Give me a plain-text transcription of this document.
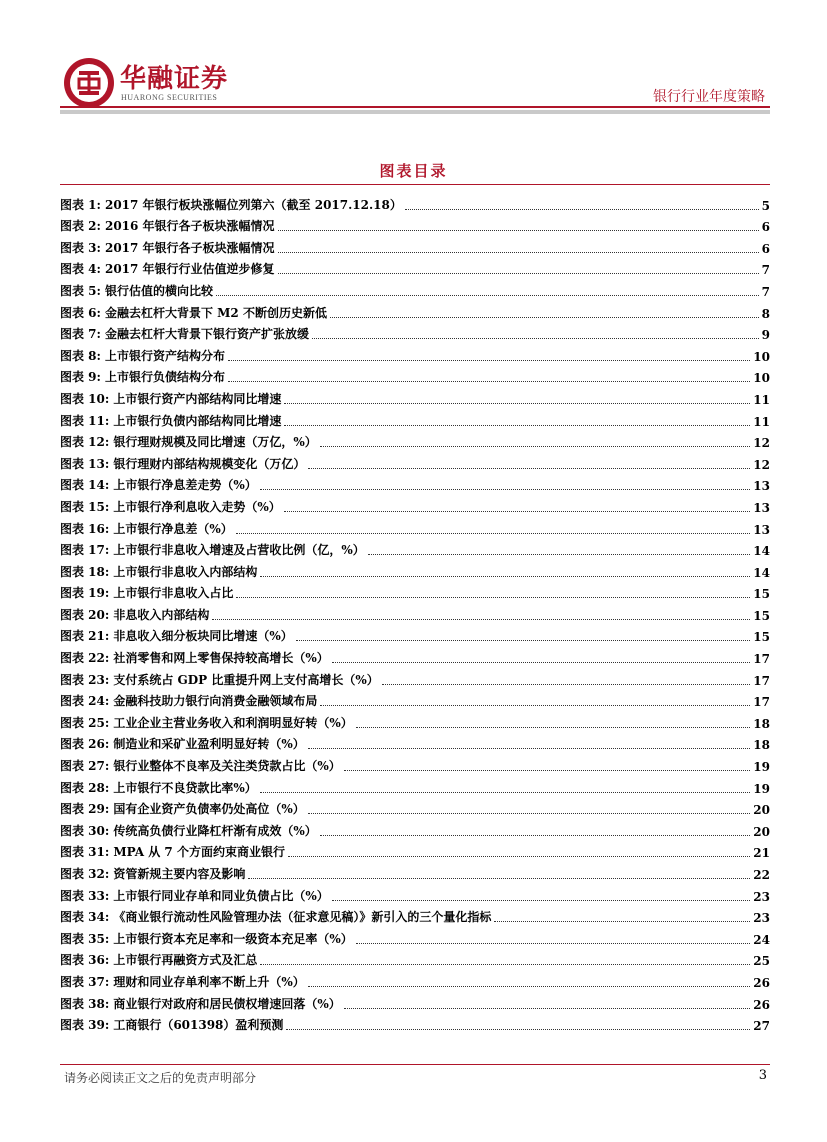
华融证券
HUARONG SECURITIES	银行行业年度策略
图表目录
图表 1: 2017 年银行板块涨幅位列第六（截至 2017.12.18）	5
图表 2: 2016 年银行各子板块涨幅情况	6
图表 3: 2017 年银行各子板块涨幅情况	6
图表 4: 2017 年银行行业估值逆步修复	7
图表 5: 银行估值的横向比较	7
图表 6: 金融去杠杆大背景下 M2 不断创历史新低	8
图表 7: 金融去杠杆大背景下银行资产扩张放缓	9
图表 8: 上市银行资产结构分布	10
图表 9: 上市银行负债结构分布	10
图表 10: 上市银行资产内部结构同比增速	11
图表 11: 上市银行负债内部结构同比增速	11
图表 12: 银行理财规模及同比增速（万亿，%）	12
图表 13: 银行理财内部结构规模变化（万亿）	12
图表 14: 上市银行净息差走势（%）	13
图表 15: 上市银行净利息收入走势（%）	13
图表 16: 上市银行净息差（%）	13
图表 17: 上市银行非息收入增速及占营收比例（亿，%）	14
图表 18: 上市银行非息收入内部结构	14
图表 19: 上市银行非息收入占比	15
图表 20: 非息收入内部结构	15
图表 21: 非息收入细分板块同比增速（%）	15
图表 22: 社消零售和网上零售保持较高增长（%）	17
图表 23: 支付系统占 GDP 比重提升网上支付高增长（%）	17
图表 24: 金融科技助力银行向消费金融领域布局	17
图表 25: 工业企业主营业务收入和利润明显好转（%）	18
图表 26: 制造业和采矿业盈利明显好转（%）	18
图表 27: 银行业整体不良率及关注类贷款占比（%）	19
图表 28: 上市银行不良贷款比率%）	19
图表 29: 国有企业资产负债率仍处高位（%）	20
图表 30: 传统高负债行业降杠杆渐有成效（%）	20
图表 31: MPA 从 7 个方面约束商业银行	21
图表 32: 资管新规主要内容及影响	22
图表 33: 上市银行同业存单和同业负债占比（%）	23
图表 34: 《商业银行流动性风险管理办法（征求意见稿）》新引入的三个量化指标	23
图表 35: 上市银行资本充足率和一级资本充足率（%）	24
图表 36: 上市银行再融资方式及汇总	25
图表 37: 理财和同业存单利率不断上升（%）	26
图表 38: 商业银行对政府和居民债权增速回落（%）	26
图表 39: 工商银行（601398）盈利预测	27
请务必阅读正文之后的免责声明部分	3
